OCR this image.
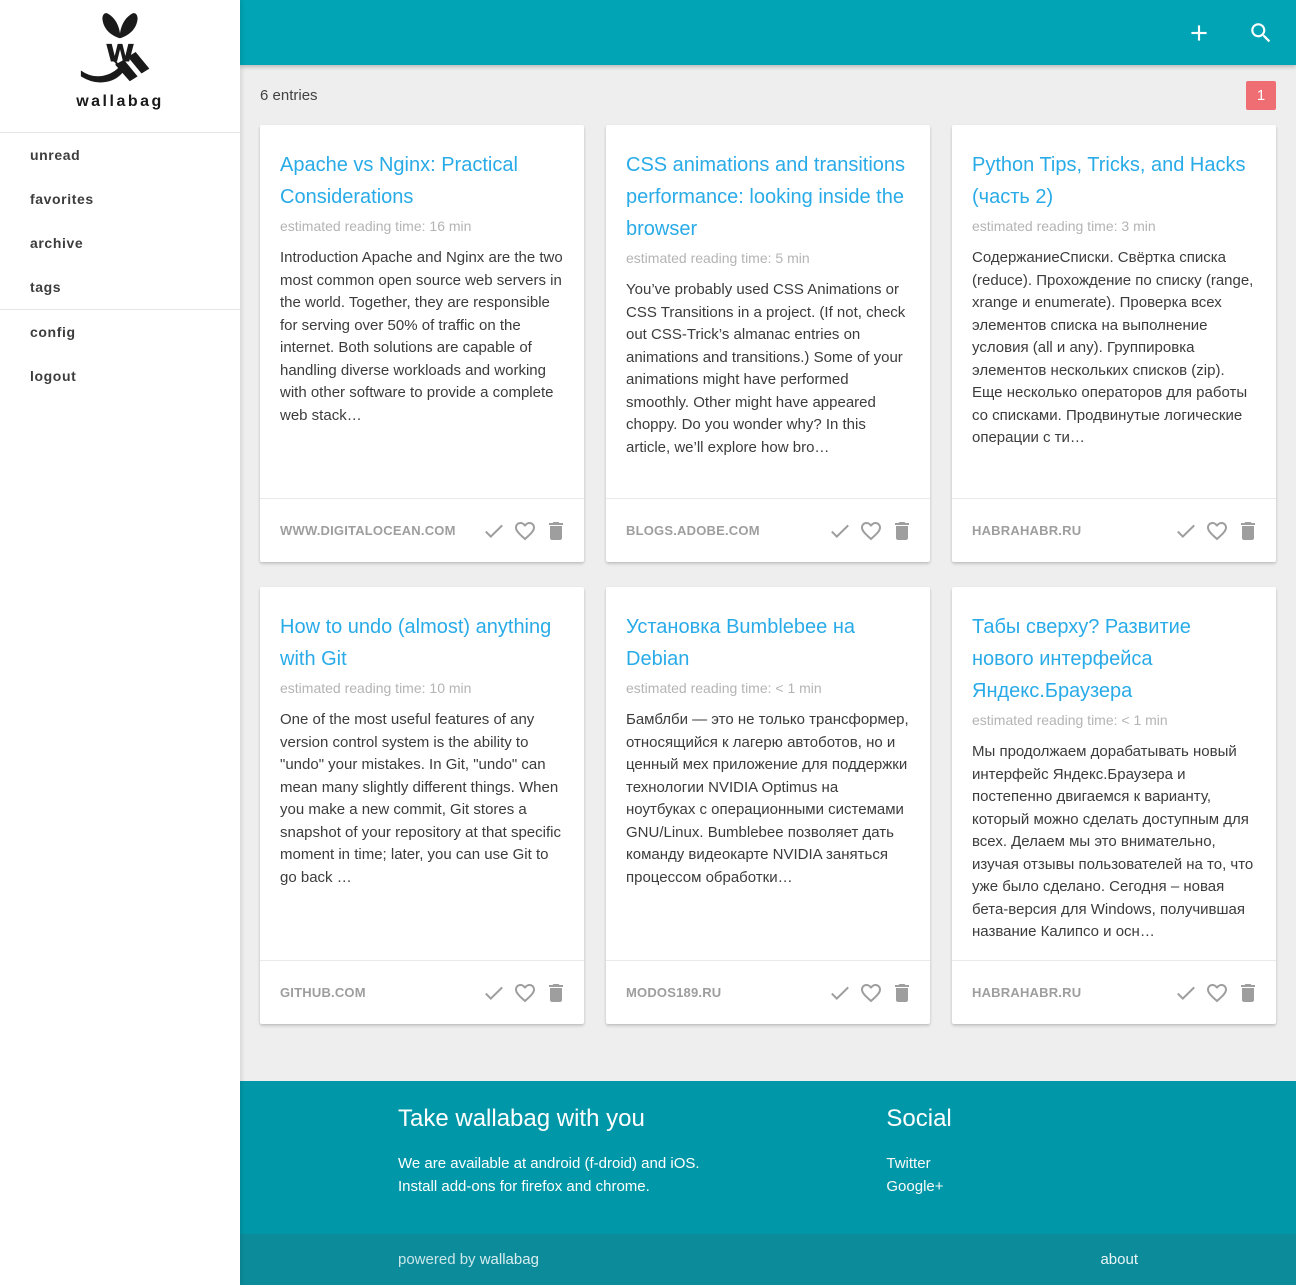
w
wallabag
unread
favorites
archive
tags
config
logout
6 entries	1
Apache vs Nginx: Practical Considerations
estimated reading time: 16 min

Introduction Apache and Nginx are the two most common open source web servers in the world. Together, they are responsible for serving over 50% of traffic on the internet. Both solutions are capable of handling diverse workloads and working with other software to provide a complete web stack…

WWW.DIGITALOCEAN.COM
CSS animations and transitions performance: looking inside the browser
estimated reading time: 5 min

You’ve probably used CSS Animations or CSS Transitions in a project. (If not, check out CSS-Trick’s almanac entries on animations and transitions.) Some of your animations might have performed smoothly. Other might have appeared choppy. Do you wonder why? In this article, we’ll explore how bro…

BLOGS.ADOBE.COM
Python Tips, Tricks, and Hacks (часть 2)
estimated reading time: 3 min

СодержаниеСписки. Свёртка списка (reduce). Прохождение по списку (range, xrange и enumerate). Проверка всех элементов списка на выполнение условия (all и any). Группировка элементов нескольких списков (zip). Еще несколько операторов для работы со списками. Продвинутые логические операции с ти…

HABRAHABR.RU
How to undo (almost) anything with Git
estimated reading time: 10 min

One of the most useful features of any version control system is the ability to "undo" your mistakes. In Git, "undo" can mean many slightly different things. When you make a new commit, Git stores a snapshot of your repository at that specific moment in time; later, you can use Git to go back …

GITHUB.COM
Установка Bumblebee на Debian
estimated reading time: < 1 min

Бамблби — это не только трансформер, относящийся к лагерю автоботов, но и ценный мех приложение для поддержки технологии NVIDIA Optimus на ноутбуках с операционными системами GNU/Linux. Bumblebee позволяет дать команду видеокарте NVIDIA заняться процессом обработки…

MODOS189.RU
Табы сверху? Развитие нового интерфейса Яндекс.Браузера
estimated reading time: < 1 min

Мы продолжаем дорабатывать новый интерфейс Яндекс.Браузера и постепенно двигаемся к варианту, который можно сделать доступным для всех. Делаем мы это внимательно, изучая отзывы пользователей на то, что уже было сделано. Сегодня – новая бета-версия для Windows, получившая название Калипсо и осн…

HABRAHABR.RU
Take wallabag with you
We are available at android (f-droid) and iOS.
Install add-ons for firefox and chrome.
Social
Twitter
Google+
powered by wallabag	about
